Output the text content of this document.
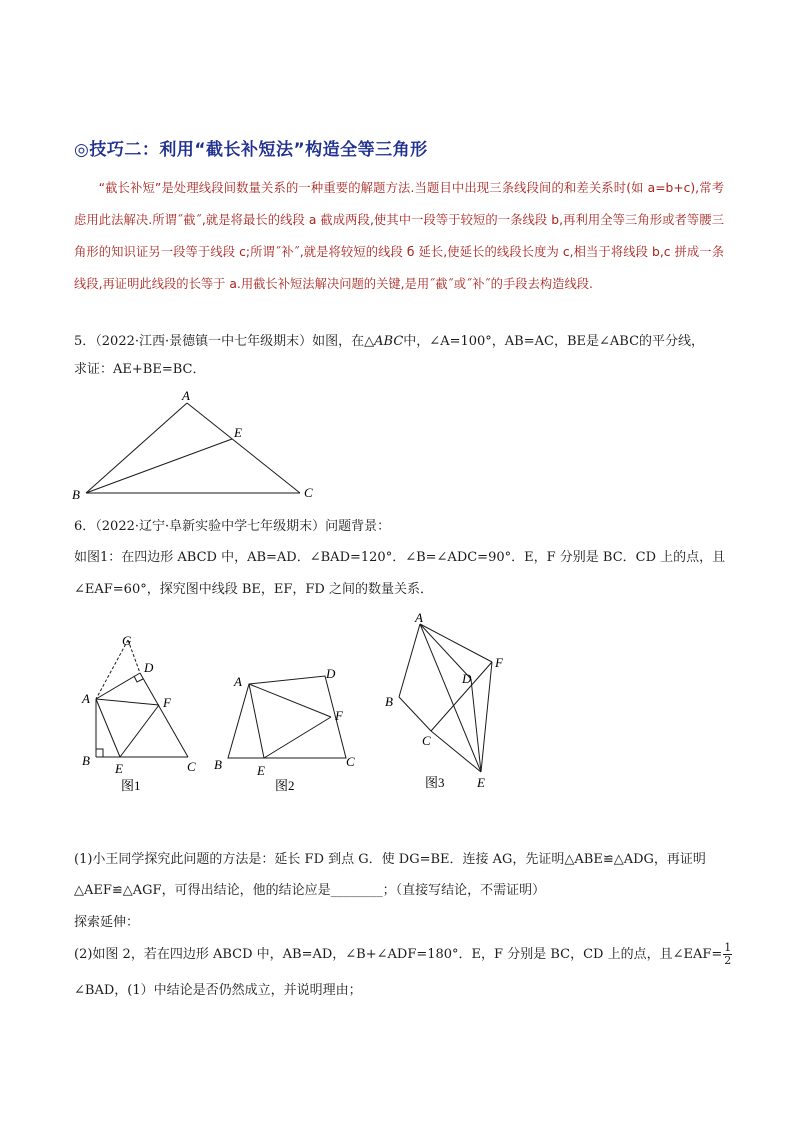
◎技巧二：利用“截长补短法”构造全等三角形

“截长补短”是处理线段间数量关系的一种重要的解题方法.当题目中出现三条线段间的和差关系时(如 a=b+c),常考虑用此法解决.所谓˝截˝,就是将最长的线段 a 截成两段,使其中一段等于较短的一条线段 b,再利用全等三角形或者等腰三角形的知识证另一段等于线段 c;所谓˝补˝,就是将较短的线段 б 延长,使延长的线段长度为 c,相当于将线段 b,c 拼成一条线段,再证明此线段的长等于 a.用截长补短法解决问题的关键,是用˝截˝或˝补˝的手段去构造线段.

5．（2022·江西·景德镇一中七年级期末）如图，在△ABC中，∠A=100°，AB=AC，BE是∠ABC的平分线，
求证：AE+BE=BC．
A
B	C
E
6．（2022·辽宁·阜新实验中学七年级期末）问题背景：
如图1：在四边形 ABCD 中，AB=AD．∠BAD=120°．∠B=∠ADC=90°．E，F 分别是 BC．CD 上的点，且
∠EAF=60°，探究图中线段 BE，EF，FD 之间的数量关系．
G
D
A	F
B
E	C
图1
A
D
F
B	E
C
图2
A
F
D
B
C
E
图3
(1)小王同学探究此问题的方法是：延长 FD 到点 G．使 DG=BE．连接 AG，先证明△ABE≌△ADG，再证明
△AEF≌△AGF，可得出结论，他的结论应是________；（直接写结论，不需证明）
探索延伸：
(2)如图 2，若在四边形 ABCD 中，AB=AD，∠B+∠ADF=180°．E，F 分别是 BC，CD 上的点，且∠EAF= $\frac{1}{2}$
∠BAD，(1）中结论是否仍然成立，并说明理由；
